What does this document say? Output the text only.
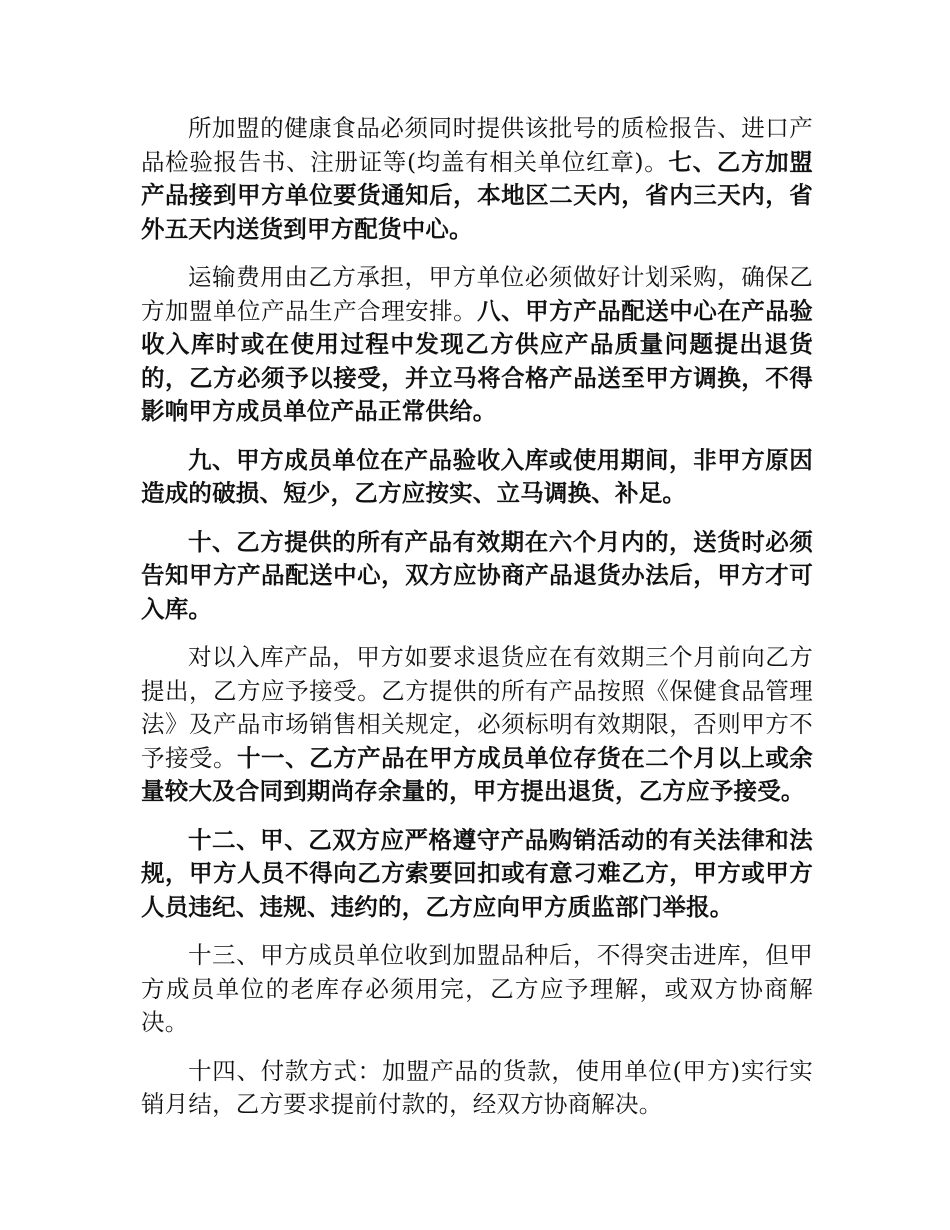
所加盟的健康食品必须同时提供该批号的质检报告、进口产品检验报告书、注册证等(均盖有相关单位红章)。七、乙方加盟产品接到甲方单位要货通知后，本地区二天内，省内三天内，省外五天内送货到甲方配货中心。

运输费用由乙方承担，甲方单位必须做好计划采购，确保乙方加盟单位产品生产合理安排。八、甲方产品配送中心在产品验收入库时或在使用过程中发现乙方供应产品质量问题提出退货的，乙方必须予以接受，并立马将合格产品送至甲方调换，不得影响甲方成员单位产品正常供给。

九、甲方成员单位在产品验收入库或使用期间，非甲方原因造成的破损、短少，乙方应按实、立马调换、补足。

十、乙方提供的所有产品有效期在六个月内的，送货时必须告知甲方产品配送中心，双方应协商产品退货办法后，甲方才可入库。

对以入库产品，甲方如要求退货应在有效期三个月前向乙方提出，乙方应予接受。乙方提供的所有产品按照《保健食品管理法》及产品市场销售相关规定，必须标明有效期限，否则甲方不予接受。十一、乙方产品在甲方成员单位存货在二个月以上或余量较大及合同到期尚存余量的，甲方提出退货，乙方应予接受。

十二、甲、乙双方应严格遵守产品购销活动的有关法律和法规，甲方人员不得向乙方索要回扣或有意刁难乙方，甲方或甲方人员违纪、违规、违约的，乙方应向甲方质监部门举报。

十三、甲方成员单位收到加盟品种后，不得突击进库，但甲方成员单位的老库存必须用完，乙方应予理解，或双方协商解决。

十四、付款方式：加盟产品的货款，使用单位(甲方)实行实销月结，乙方要求提前付款的，经双方协商解决。
